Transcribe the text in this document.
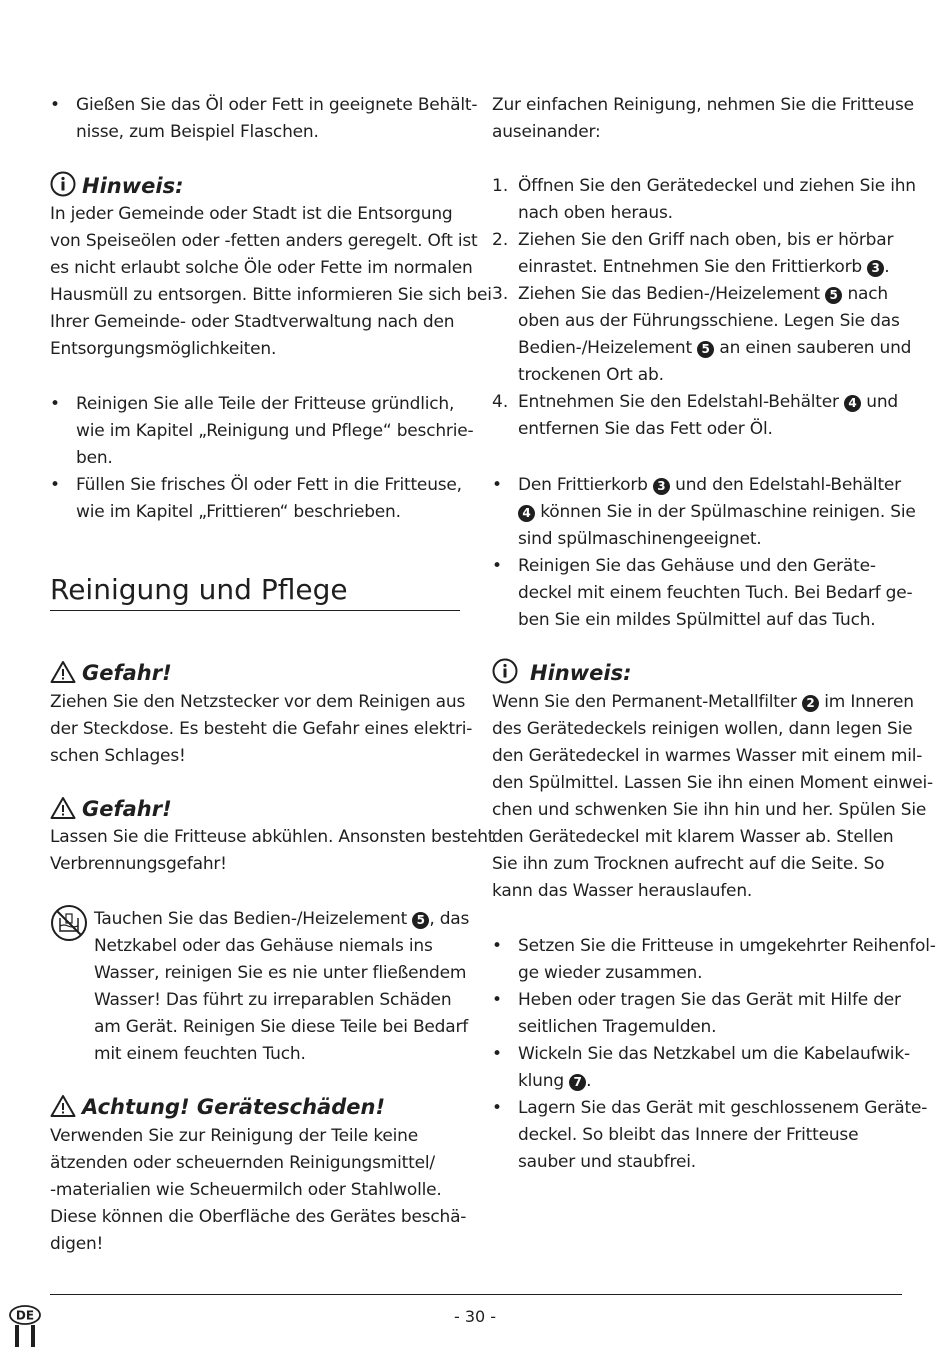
• Gießen Sie das Öl oder Fett in geeignete Behält-
nisse, zum Beispiel Flaschen.
Hinweis:
In jeder Gemeinde oder Stadt ist die Entsorgung
von Speiseölen oder -fetten anders geregelt. Oft ist
es nicht erlaubt solche Öle oder Fette im normalen
Hausmüll zu entsorgen. Bitte informieren Sie sich bei
Ihrer Gemeinde- oder Stadtverwaltung nach den
Entsorgungsmöglichkeiten.
• Reinigen Sie alle Teile der Fritteuse gründlich,
wie im Kapitel „Reinigung und Pflege“ beschrie-
ben.
• Füllen Sie frisches Öl oder Fett in die Fritteuse,
wie im Kapitel „Frittieren“ beschrieben.
Reinigung und Pflege
Gefahr!
Ziehen Sie den Netzstecker vor dem Reinigen aus
der Steckdose. Es besteht die Gefahr eines elektri-
schen Schlages!
Gefahr!
Lassen Sie die Fritteuse abkühlen. Ansonsten besteht
Verbrennungsgefahr!
Tauchen Sie das Bedien-/Heizelement 5 , das
Netzkabel oder das Gehäuse niemals ins
Wasser, reinigen Sie es nie unter fließendem
Wasser! Das führt zu irreparablen Schäden
am Gerät. Reinigen Sie diese Teile bei Bedarf
mit einem feuchten Tuch.
Achtung! Geräteschäden!
Verwenden Sie zur Reinigung der Teile keine
ätzenden oder scheuernden Reinigungsmittel/
-materialien wie Scheuermilch oder Stahlwolle.
Diese können die Oberfläche des Gerätes beschä-
digen!
Zur einfachen Reinigung, nehmen Sie die Fritteuse
auseinander:
1. Öffnen Sie den Gerätedeckel und ziehen Sie ihn
nach oben heraus.
2. Ziehen Sie den Griff nach oben, bis er hörbar
einrastet. Entnehmen Sie den Frittierkorb 3 .
3. Ziehen Sie das Bedien-/Heizelement 5 nach
oben aus der Führungsschiene. Legen Sie das
Bedien-/Heizelement 5 an einen sauberen und
trockenen Ort ab.
4. Entnehmen Sie den Edelstahl-Behälter 4 und
entfernen Sie das Fett oder Öl.
• Den Frittierkorb 3 und den Edelstahl-Behälter
4 können Sie in der Spülmaschine reinigen. Sie
sind spülmaschinengeeignet.
• Reinigen Sie das Gehäuse und den Geräte-
deckel mit einem feuchten Tuch. Bei Bedarf ge-
ben Sie ein mildes Spülmittel auf das Tuch.
Hinweis:
Wenn Sie den Permanent-Metallfilter 2 im Inneren
des Gerätedeckels reinigen wollen, dann legen Sie
den Gerätedeckel in warmes Wasser mit einem mil-
den Spülmittel. Lassen Sie ihn einen Moment einwei-
chen und schwenken Sie ihn hin und her. Spülen Sie
den Gerätedeckel mit klarem Wasser ab. Stellen
Sie ihn zum Trocknen aufrecht auf die Seite. So
kann das Wasser herauslaufen.
• Setzen Sie die Fritteuse in umgekehrter Reihenfol-
ge wieder zusammen.
• Heben oder tragen Sie das Gerät mit Hilfe der
seitlichen Tragemulden.
• Wickeln Sie das Netzkabel um die Kabelaufwik-
klung 7 .
• Lagern Sie das Gerät mit geschlossenem Geräte-
deckel. So bleibt das Innere der Fritteuse
sauber und staubfrei.
- 30 -
DE
